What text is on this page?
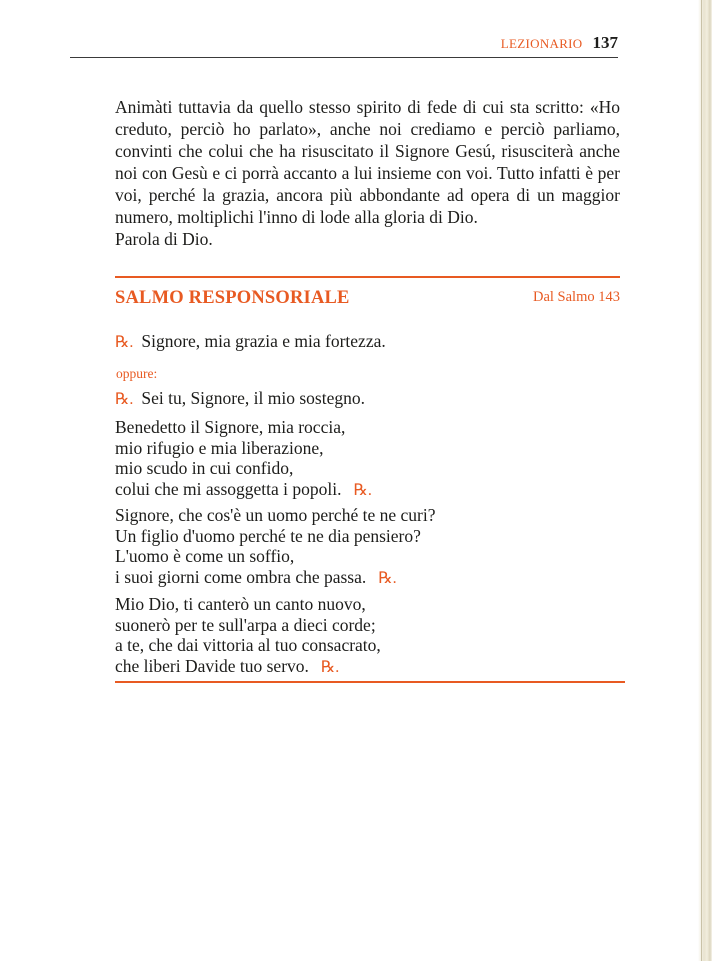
LEZIONARIO 137

Animàti tuttavia da quello stesso spirito di fede di cui sta scritto: «Ho creduto, perciò ho parlato», anche noi crediamo e perciò parliamo, convinti che colui che ha risuscitato il Signore Gesú, risusciterà anche noi con Gesù e ci porrà accanto a lui insieme con voi. Tutto infatti è per voi, perché la grazia, ancora più abbondante ad opera di un maggior numero, moltiplichi l'inno di lode alla gloria di Dio.

Parola di Dio.

SALMO RESPONSORIALE	Dal Salmo 143
℞. Signore, mia grazia e mia fortezza.
oppure:
℞. Sei tu, Signore, il mio sostegno.
Benedetto il Signore, mia roccia,
mio rifugio e mia liberazione,
mio scudo in cui confido,
colui che mi assoggetta i popoli. ℞.
Signore, che cos'è un uomo perché te ne curi?
Un figlio d'uomo perché te ne dia pensiero?
L'uomo è come un soffio,
i suoi giorni come ombra che passa. ℞.
Mio Dio, ti canterò un canto nuovo,
suonerò per te sull'arpa a dieci corde;
a te, che dai vittoria al tuo consacrato,
che liberi Davide tuo servo. ℞.
